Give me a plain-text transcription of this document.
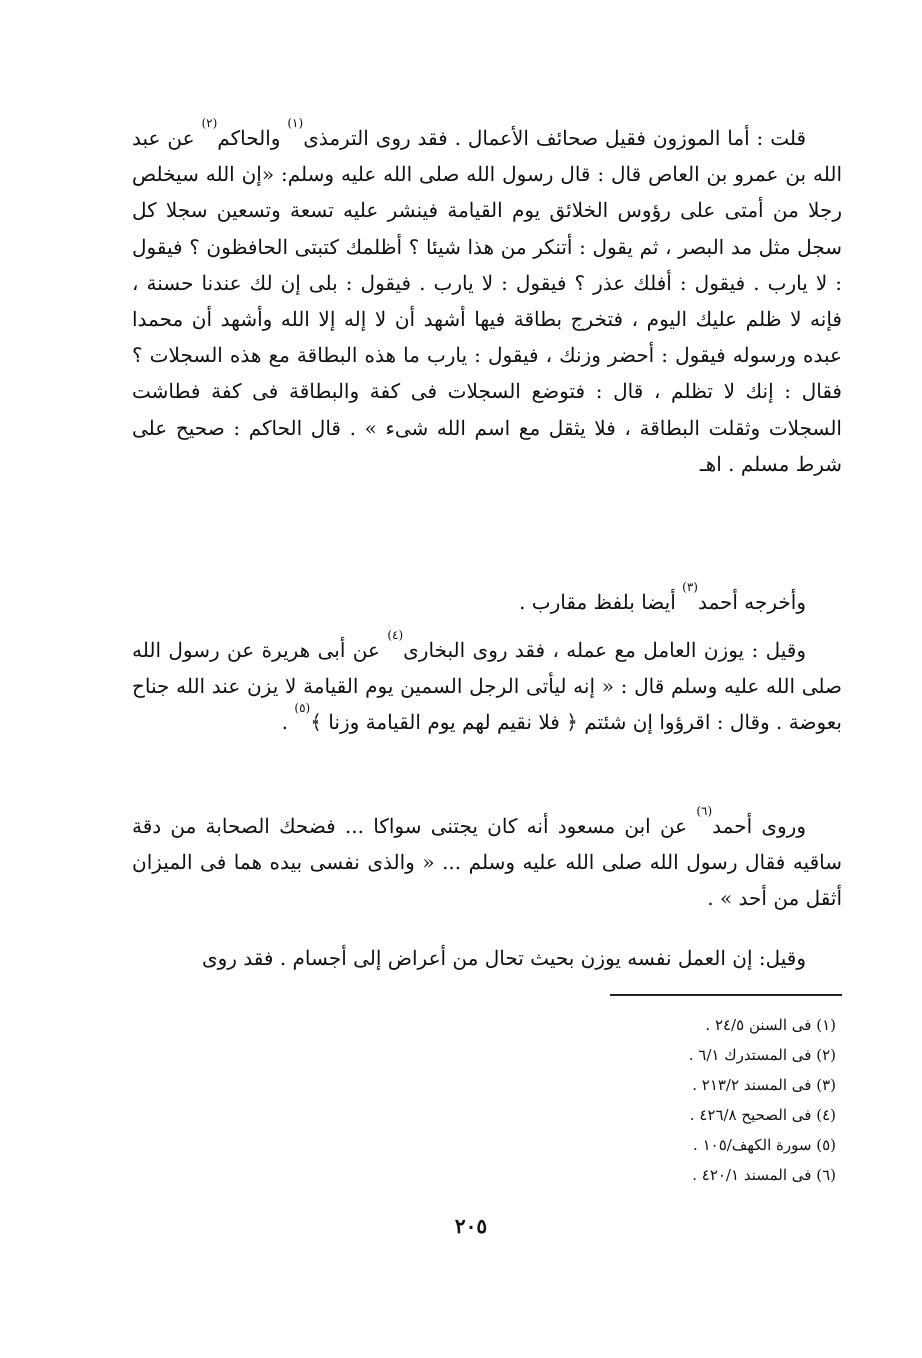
قلت : أما الموزون فقيل صحائف الأعمال . فقد روى الترمذى$^{(١)}$ والحاكم$^{(٢)}$ عن عبد الله بن عمرو بن العاص قال : قال رسول الله صلى الله عليه وسلم: «إن الله سيخلص رجلا من أمتى على رؤوس الخلائق يوم القيامة فينشر عليه تسعة وتسعين سجلا كل سجل مثل مد البصر ، ثم يقول : أتنكر من هذا شيئا ؟ أظلمك كتبتى الحافظون ؟ فيقول : لا يارب . فيقول : أفلك عذر ؟ فيقول : لا يارب . فيقول : بلى إن لك عندنا حسنة ، فإنه لا ظلم عليك اليوم ، فتخرج بطاقة فيها أشهد أن لا إله إلا الله وأشهد أن محمدا عبده ورسوله فيقول : أحضر وزنك ، فيقول : يارب ما هذه البطاقة مع هذه السجلات ؟ فقال : إنك لا تظلم ، قال : فتوضع السجلات فى كفة والبطاقة فى كفة فطاشت السجلات وثقلت البطاقة ، فلا يثقل مع اسم الله شىء » . قال الحاكم : صحيح على شرط مسلم . اهـ

وأخرجه أحمد$^{(٣)}$ أيضا بلفظ مقارب .

وقيل : يوزن العامل مع عمله ، فقد روى البخارى$^{(٤)}$ عن أبى هريرة عن رسول الله صلى الله عليه وسلم قال : « إنه ليأتى الرجل السمين يوم القيامة لا يزن عند الله جناح بعوضة . وقال : اقرؤوا إن شئتم ﴿ فلا نقيم لهم يوم القيامة وزنا ﴾$^{(٥)}$ .

وروى أحمد$^{(٦)}$ عن ابن مسعود أنه كان يجتنى سواكا ... فضحك الصحابة من دقة ساقيه فقال رسول الله صلى الله عليه وسلم ... « والذى نفسى بيده هما فى الميزان أثقل من أحد » .

وقيل: إن العمل نفسه يوزن بحيث تحال من أعراض إلى أجسام . فقد روى

(١) فى السنن ٢٤/٥ .
(٢) فى المستدرك ٦/١ .
(٣) فى المسند ٢١٣/٢ .
(٤) فى الصحيح ٤٢٦/٨ .
(٥) سورة الكهف/١٠٥ .
(٦) فى المسند ٤٢٠/١ .
٢٠٥
